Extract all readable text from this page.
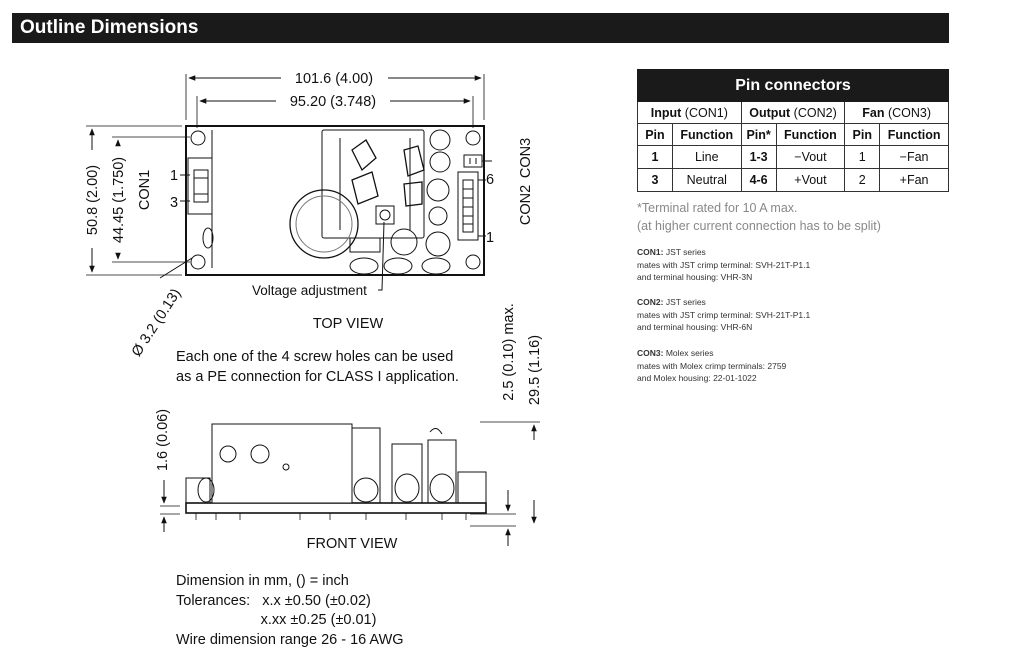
Outline Dimensions
101.6 (4.00)
95.20 (3.748)
50.8 (2.00) 44.45 (1.750) CON1 1
3
6
1
CON2
CON3
Ø 3.2 (0.13)	Voltage adjustment
TOP VIEW
Each one of the 4 screw holes can be used
as a PE connection for CLASS I application.
1.6 (0.06)
2.5 (0.10) max. 29.5 (1.16)
FRONT VIEW
Dimension in mm, () = inch
Tolerances:   x.x ±0.50 (±0.02)
x.xx ±0.25 (±0.01)
Wire dimension range 26 - 16 AWG
Pin connectors					
Input (CON1)		Output (CON2)		Fan (CON3)	
Pin	Function	Pin*	Function	Pin	Function
1	Line	1-3	−Vout	1	−Fan
3	Neutral	4-6	+Vout	2	+Fan
*Terminal rated for 10 A max.
(at higher current connection has to be split)
CON1: JST series
mates with JST crimp terminal: SVH-21T-P1.1
and terminal housing: VHR-3N
CON2: JST series
mates with JST crimp terminal: SVH-21T-P1.1
and terminal housing: VHR-6N
CON3: Molex series
mates with Molex crimp terminals: 2759
and Molex housing: 22-01-1022
